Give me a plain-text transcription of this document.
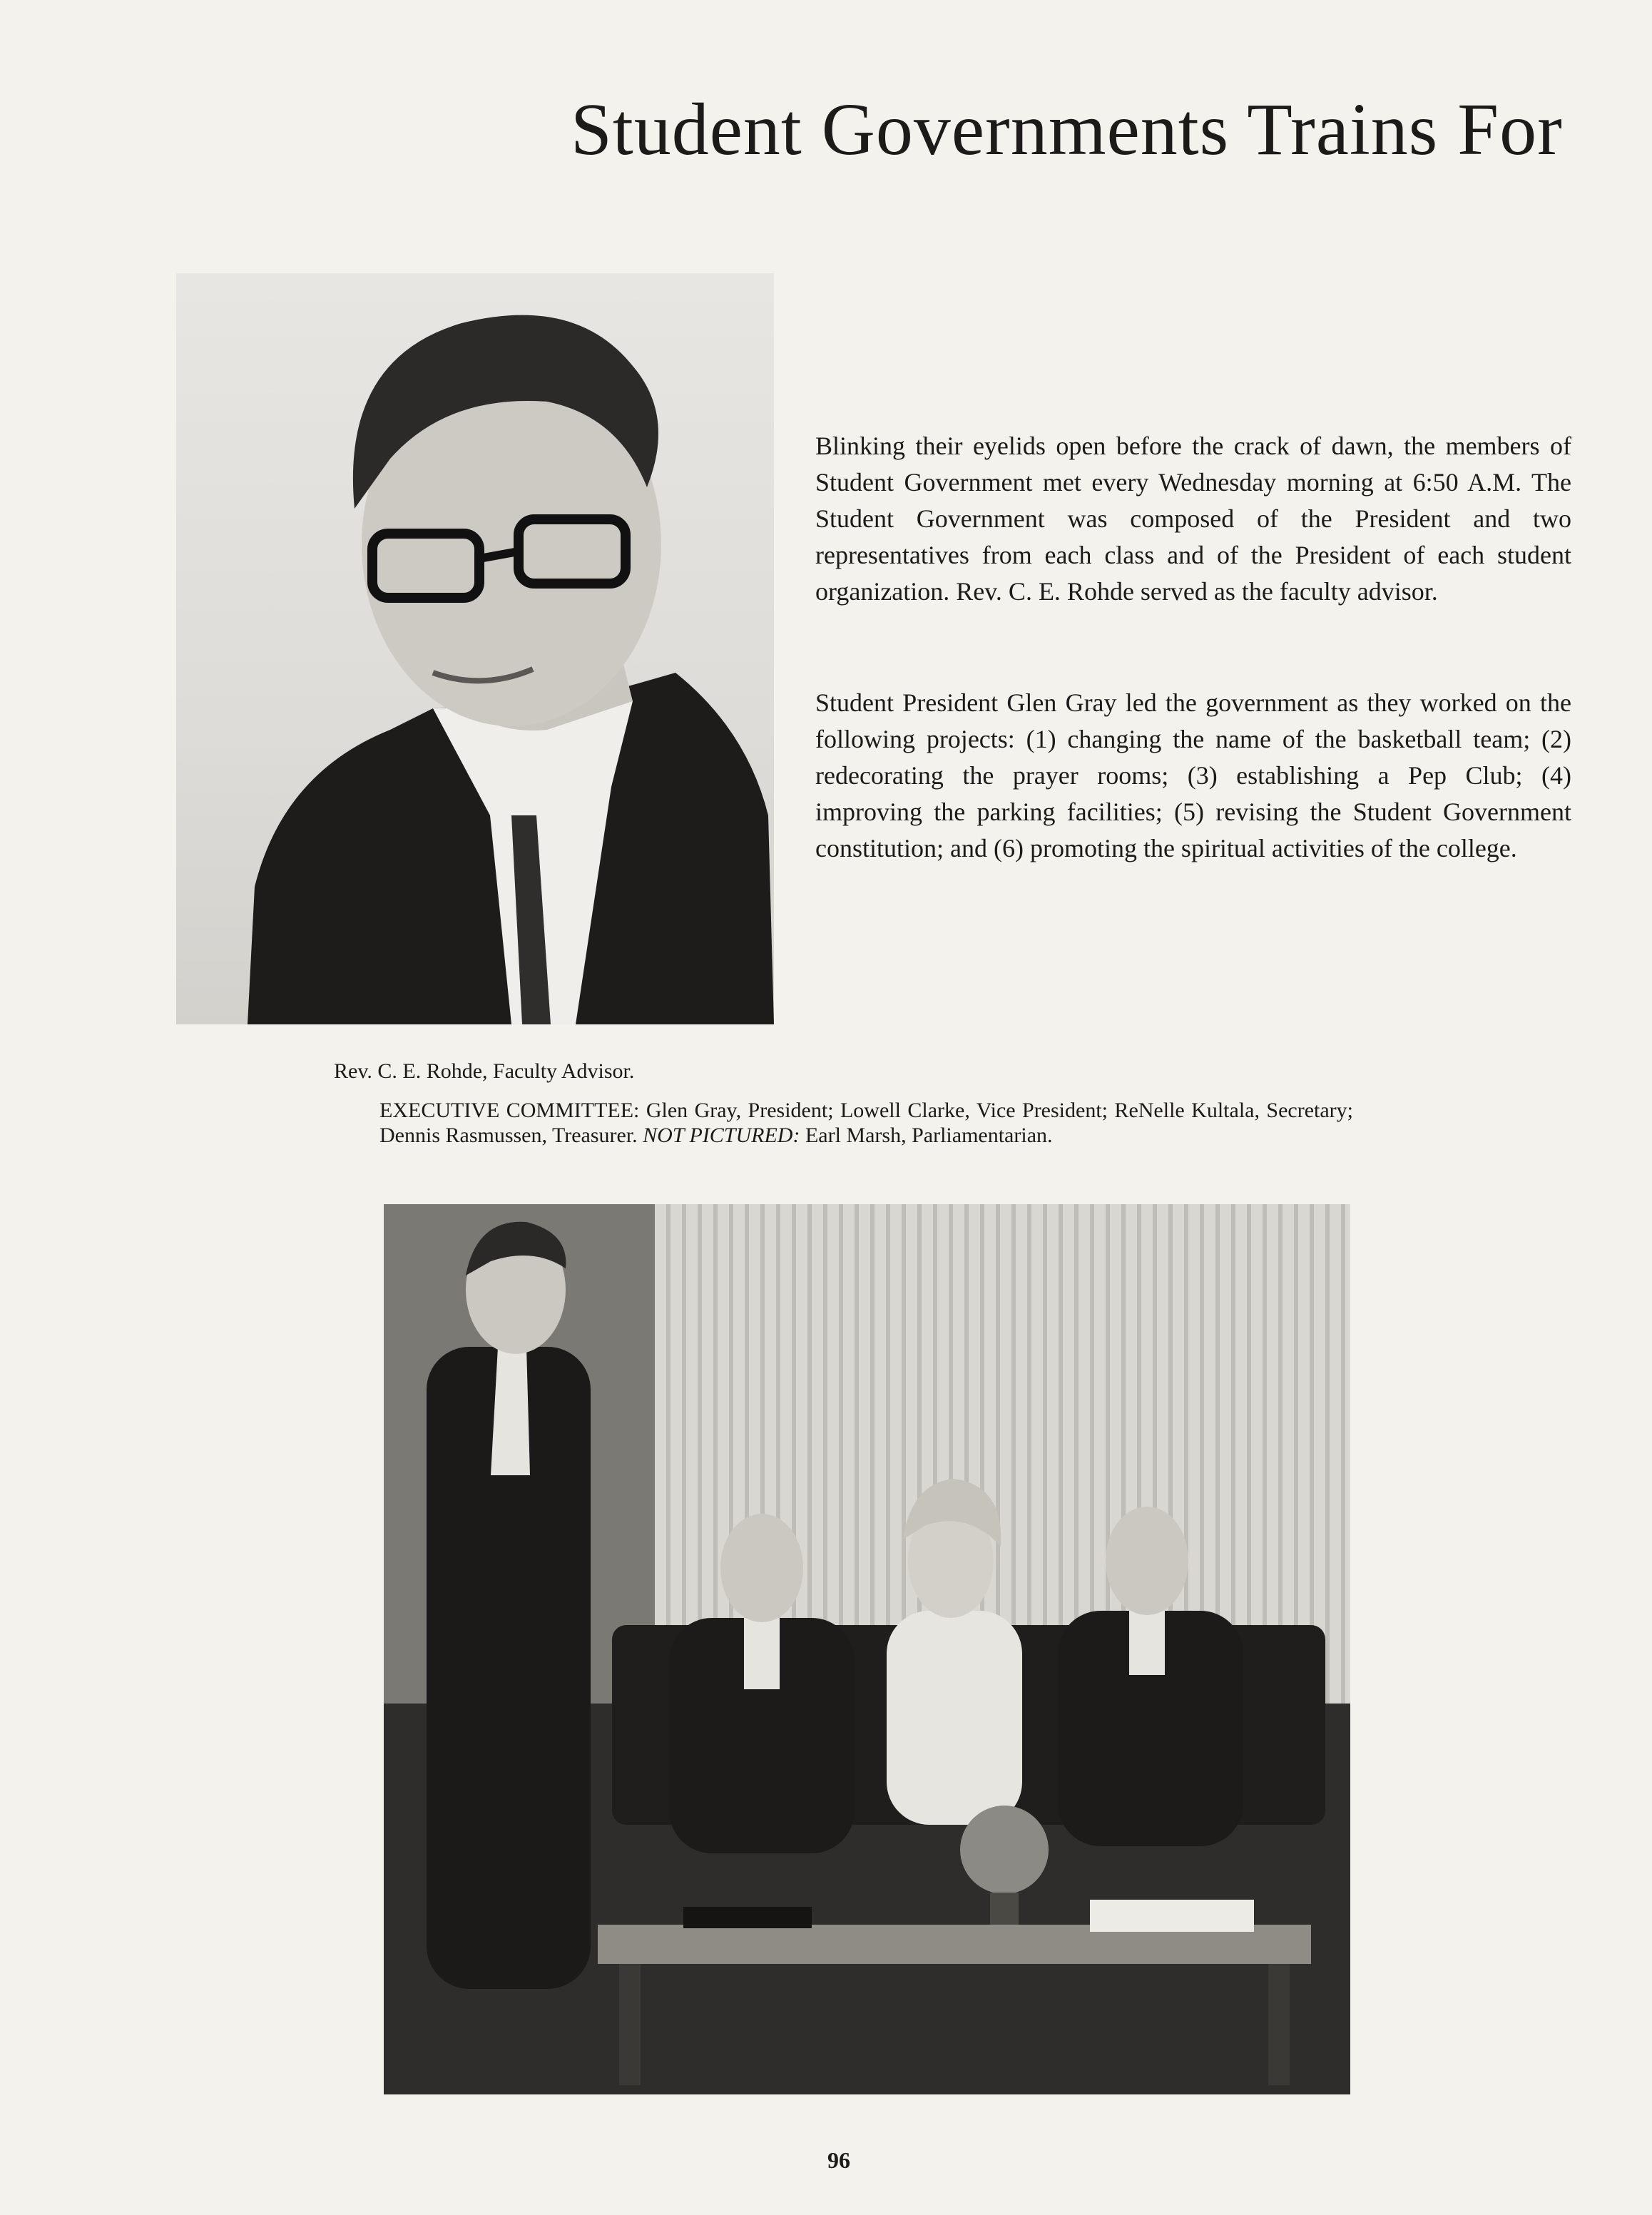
Student Governments Trains For

Blinking their eyelids open before the crack of dawn, the members of Student Government met every Wednesday morning at 6:50 A.M. The Student Government was composed of the President and two representatives from each class and of the President of each student organization. Rev. C. E. Rohde served as the faculty advisor.

Student President Glen Gray led the government as they worked on the following projects: (1) changing the name of the basketball team; (2) redecorating the prayer rooms; (3) establishing a Pep Club; (4) improving the parking facilities; (5) revising the Student Government constitution; and (6) promoting the spiritual activities of the college.

Rev. C. E. Rohde, Faculty Advisor.

EXECUTIVE COMMITTEE: Glen Gray, President; Lowell Clarke, Vice President; ReNelle Kultala, Secretary; Dennis Rasmussen, Treasurer. NOT PICTURED: Earl Marsh, Parliamentarian.

96
